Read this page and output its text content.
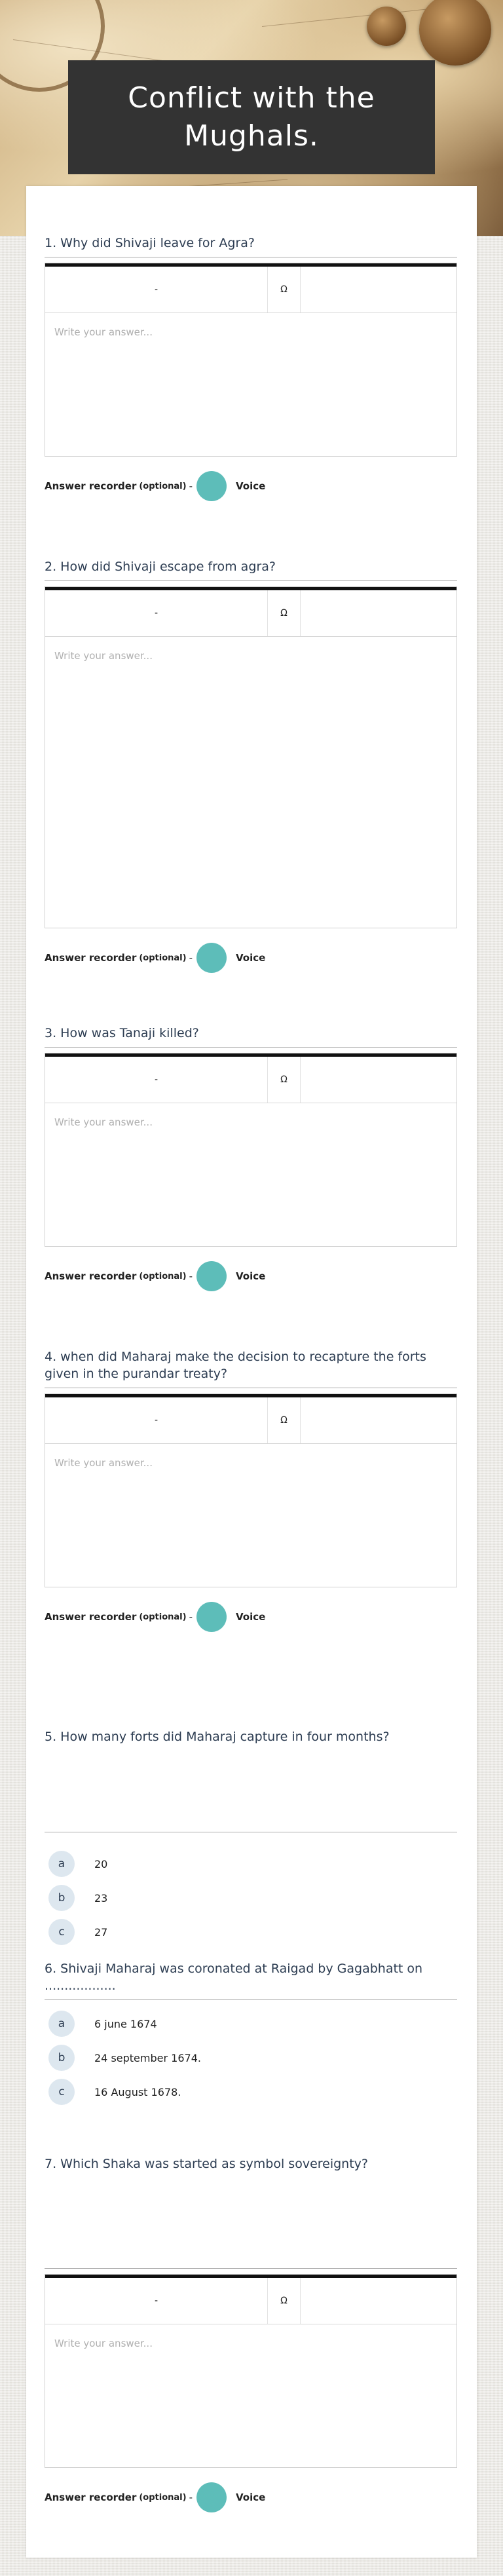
Conflict with the Mughals.
1. Why did Shivaji leave for Agra?
-	Ω
Write your answer...
Answer recorder (optional) -	Voice
2. How did Shivaji escape from agra?
-	Ω
Write your answer...
Answer recorder (optional) -	Voice
3. How was Tanaji killed?
-	Ω
Write your answer...
Answer recorder (optional) -	Voice
4. when did Maharaj make the decision to recapture the forts given in the purandar treaty?
-	Ω
Write your answer...
Answer recorder (optional) -	Voice
5. How many forts did Maharaj capture in four months?
a	20
b	23
c	27
6. Shivaji Maharaj was coronated at Raigad by Gagabhatt on ..................
a	6 june 1674
b	24 september 1674.
c	16 August 1678.
7. Which Shaka was started as symbol sovereignty?
-	Ω
Write your answer...
Answer recorder (optional) -	Voice
